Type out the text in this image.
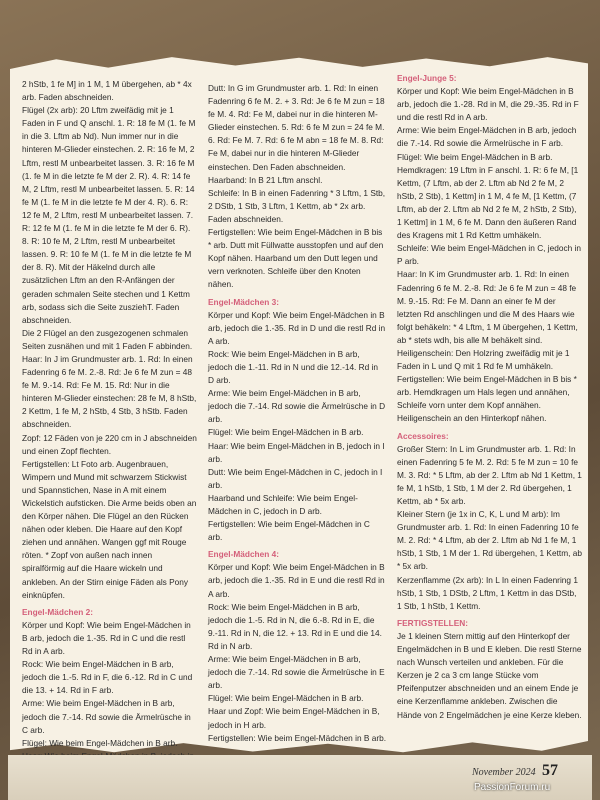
2 hStb, 1 fe M] in 1 M, 1 M übergehen, ab * 4x arb. Faden abschneiden.

Flügel (2x arb): 20 Lftm zweifädig mit je 1 Faden in F und Q anschl. 1. R: 18 fe M (1. fe M in die 3. Lftm ab Nd). Nun immer nur in die hinteren M-Glieder einstechen. 2. R: 16 fe M, 2 Lftm, restl M unbearbeitet lassen. 3. R: 16 fe M (1. fe M in die letzte fe M der 2. R). 4. R: 14 fe M, 2 Lftm, restl M unbearbeitet lassen. 5. R: 14 fe M (1. fe M in die letzte fe M der 4. R). 6. R: 12 fe M, 2 Lftm, restl M unbearbeitet lassen. 7. R: 12 fe M (1. fe M in die letzte fe M der 6. R). 8. R: 10 fe M, 2 Lftm, restl M unbearbeitet lassen. 9. R: 10 fe M (1. fe M in die letzte fe M der 8. R). Mit der Häkelnd durch alle zusätzlichen Lftm an den R-Anfängen der geraden schmalen Seite stechen und 1 Kettm arb, sodass sich die Seite zusziehT. Faden abschneiden.

Die 2 Flügel an den zusgezogenen schmalen Seiten zusnähen und mit 1 Faden F abbinden.

Haar: In J im Grundmuster arb. 1. Rd: In einen Fadenring 6 fe M. 2.-8. Rd: Je 6 fe M zun = 48 fe M. 9.-14. Rd: Fe M. 15. Rd: Nur in die hinteren M-Glieder einstechen: 28 fe M, 8 hStb, 2 Kettm, 1 fe M, 2 hStb, 4 Stb, 3 hStb. Faden abschneiden.

Zopf: 12 Fäden von je 220 cm in J abschneiden und einen Zopf flechten.

Fertigstellen: Lt Foto arb. Augenbrauen, Wimpern und Mund mit schwarzem Stickwist und Spannstichen, Nase in A mit einem Wickelstich aufsticken. Die Arme beids oben an den Körper nähen. Die Flügel an den Rücken nähen oder kleben. Die Haare auf den Kopf ziehen und annähen. Wangen ggf mit Rouge röten. * Zopf von außen nach innen spiralförmig auf die Haare wickeln und ankleben. An der Stirn einige Fäden als Pony einknüpfen.

Engel-Mädchen 2:

Körper und Kopf: Wie beim Engel-Mädchen in B arb, jedoch die 1.-35. Rd in C und die restl Rd in A arb.

Rock: Wie beim Engel-Mädchen in B arb, jedoch die 1.-5. Rd in F, die 6.-12. Rd in C und die 13. + 14. Rd in F arb.

Arme: Wie beim Engel-Mädchen in B arb, jedoch die 7.-14. Rd sowie die Ärmelrüsche in C arb.

Flügel: Wie beim Engel-Mädchen in B arb.

Dutt: In G im Grundmuster arb. 1. Rd: In einen Fadenring 6 fe M. 2. + 3. Rd: Je 6 fe M zun = 18 fe M. 4. Rd: Fe M, dabei nur in die hinteren M-Glieder einstechen. 5. Rd: 6 fe M zun = 24 fe M. 6. Rd: Fe M. 7. Rd: 6 fe M abn = 18 fe M. 8. Rd: Fe M, dabei nur in die hinteren M-Glieder einstechen. Den Faden abschneiden.

Haarband: In B 21 Lftm anschl.

Schleife: In B in einen Fadenring * 3 Lftm, 1 Stb, 2 DStb, 1 Stb, 3 Lftm, 1 Kettm, ab * 2x arb. Faden abschneiden.

Fertigstellen: Wie beim Engel-Mädchen in B bis * arb. Dutt mit Füllwatte ausstopfen und auf den Kopf nähen. Haarband um den Dutt legen und vern verknoten. Schleife über den Knoten nähen.

Engel-Mädchen 3:

Körper und Kopf: Wie beim Engel-Mädchen in B arb, jedoch die 1.-35. Rd in D und die restl Rd in A arb.

Rock: Wie beim Engel-Mädchen in B arb, jedoch die 1.-11. Rd in N und die 12.-14. Rd in D arb.

Arme: Wie beim Engel-Mädchen in B arb, jedoch die 7.-14. Rd sowie die Ärmelrüsche in D arb.

Flügel: Wie beim Engel-Mädchen in B arb.

Haar: Wie beim Engel-Mädchen in B, jedoch in I arb.

Dutt: Wie beim Engel-Mädchen in C, jedoch in I arb.

Haarband und Schleife: Wie beim Engel-Mädchen in C, jedoch in D arb.

Fertigstellen: Wie beim Engel-Mädchen in C arb.

Engel-Mädchen 4:

Körper und Kopf: Wie beim Engel-Mädchen in B arb, jedoch die 1.-35. Rd in E und die restl Rd in A arb.

Rock: Wie beim Engel-Mädchen in B arb, jedoch die 1.-5. Rd in N, die 6.-8. Rd in E, die 9.-11. Rd in N, die 12. + 13. Rd in E und die 14. Rd in N arb.

Arme: Wie beim Engel-Mädchen in B arb, jedoch die 7.-14. Rd sowie die Ärmelrüsche in E arb.

Flügel: Wie beim Engel-Mädchen in B arb.

Haar und Zopf: Wie beim Engel-Mädchen in B, jedoch in H arb.

Fertigstellen: Wie beim Engel-Mädchen in B arb.

Engel-Junge 5:

Körper und Kopf: Wie beim Engel-Mädchen in B arb, jedoch die 1.-28. Rd in M, die 29.-35. Rd in F und die restl Rd in A arb.

Arme: Wie beim Engel-Mädchen in B arb, jedoch die 7.-14. Rd sowie die Ärmelrüsche in F arb.

Flügel: Wie beim Engel-Mädchen in B arb.

Hemdkragen: 19 Lftm in F anschl. 1. R: 6 fe M, [1 Kettm, (7 Lftm, ab der 2. Lftm ab Nd 2 fe M, 2 hStb, 2 Stb), 1 Kettm] in 1 M, 4 fe M, [1 Kettm, (7 Lftm, ab der 2. Lftm ab Nd 2 fe M, 2 hStb, 2 Stb), 1 Kettm] in 1 M, 6 fe M. Dann den äußeren Rand des Kragens mit 1 Rd Kettm umhäkeln.

Schleife: Wie beim Engel-Mädchen in C, jedoch in P arb.

Haar: In K im Grundmuster arb. 1. Rd: In einen Fadenring 6 fe M. 2.-8. Rd: Je 6 fe M zun = 48 fe M. 9.-15. Rd: Fe M. Dann an einer fe M der letzten Rd anschlingen und die M des Haars wie folgt behäkeln: * 4 Lftm, 1 M übergehen, 1 Kettm, ab * stets wdh, bis alle M behäkelt sind.

Heiligenschein: Den Holzring zweifädig mit je 1 Faden in L und Q mit 1 Rd fe M umhäkeln.

Fertigstellen: Wie beim Engel-Mädchen in B bis * arb. Hemdkragen um Hals legen und annähen, Schleife vorn unter dem Kopf annähen. Heiligenschein an den Hinterkopf nähen.

Accessoires:

Großer Stern: In L im Grundmuster arb. 1. Rd: In einen Fadenring 5 fe M. 2. Rd: 5 fe M zun = 10 fe M. 3. Rd: * 5 Lftm, ab der 2. Lftm ab Nd 1 Kettm, 1 fe M, 1 hStb, 1 Stb, 1 M der 2. Rd übergehen, 1 Kettm, ab * 5x arb.

Kleiner Stern (je 1x in C, K, L und M arb): Im Grundmuster arb. 1. Rd: In einen Fadenring 10 fe M. 2. Rd: * 4 Lftm, ab der 2. Lftm ab Nd 1 fe M, 1 hStb, 1 Stb, 1 M der 1. Rd übergehen, 1 Kettm, ab * 5x arb.

Kerzenflamme (2x arb): In L In einen Fadenring 1 hStb, 1 Stb, 1 DStb, 2 Lftm, 1 Kettm in das DStb, 1 Stb, 1 hStb, 1 Kettm.

FERTIGSTELLEN:

Je 1 kleinen Stern mittig auf den Hinterkopf der Engelmädchen in B und E kleben. Die restl Sterne nach Wunsch verteilen und ankleben. Für die Kerzen je 2 ca 3 cm lange Stücke vom Pfeifenputzer abschneiden und an einem Ende je eine Kerzenflamme ankleben. Zwischen die Hände von 2 Engelmädchen je eine Kerze kleben.

November 2024 57
PassionForum.ru
